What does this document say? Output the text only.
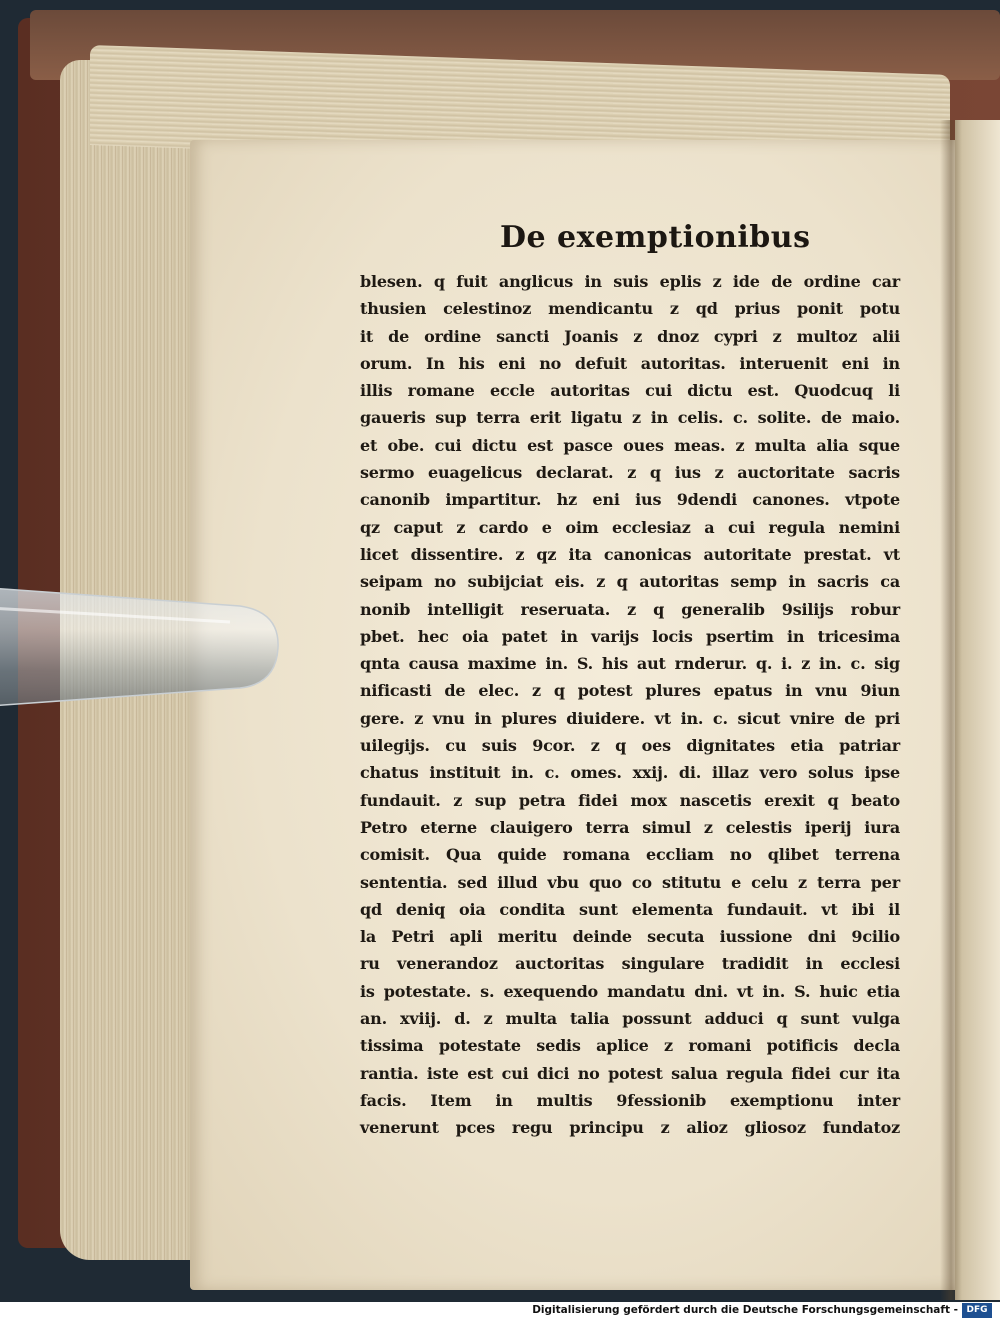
De exemptionibus
blesen. q fuit anglicus in suis eplis z ide de ordine car
thusien celestinoz mendicantu z qd prius ponit potu
it de ordine sancti Joanis z dnoz cypri z multoz alii
orum. In his eni no defuit autoritas. interuenit eni in
illis romane eccle autoritas cui dictu est. Quodcuq li
gaueris sup terra erit ligatu z in celis. c. solite. de maio.
et obe. cui dictu est pasce oues meas. z multa alia sque
sermo euagelicus declarat. z q ius z auctoritate sacris
canonib impartitur. hz eni ius 9dendi canones. vtpote
qz caput z cardo e oim ecclesiaz a cui regula nemini
licet dissentire. z qz ita canonicas autoritate prestat. vt
seipam no subijciat eis. z q autoritas semp in sacris ca
nonib intelligit reseruata. z q generalib 9silijs robur
pbet. hec oia patet in varijs locis psertim in tricesima
qnta causa maxime in. S. his aut rnderur. q. i. z in. c. sig
nificasti de elec. z q potest plures epatus in vnu 9iun
gere. z vnu in plures diuidere. vt in. c. sicut vnire de pri
uilegijs. cu suis 9cor. z q oes dignitates etia patriar
chatus instituit in. c. omes. xxij. di. illaz vero solus ipse
fundauit. z sup petra fidei mox nascetis erexit q beato
Petro eterne clauigero terra simul z celestis iperij iura
comisit. Qua quide romana eccliam no qlibet terrena
sententia. sed illud vbu quo co stitutu e celu z terra per
qd deniq oia condita sunt elementa fundauit. vt ibi il
la Petri apli meritu deinde secuta iussione dni 9cilio
ru venerandoz auctoritas singulare tradidit in ecclesi
is potestate. s. exequendo mandatu dni. vt in. S. huic etia
an. xviij. d. z multa talia possunt adduci q sunt vulga
tissima potestate sedis aplice z romani potificis decla
rantia. iste est cui dici no potest salua regula fidei cur ita
facis. Item in multis 9fessionib exemptionu inter
venerunt pces regu principu z alioz gliosoz fundatoz
Digitalisierung gefördert durch die Deutsche Forschungsgemeinschaft - DFG
